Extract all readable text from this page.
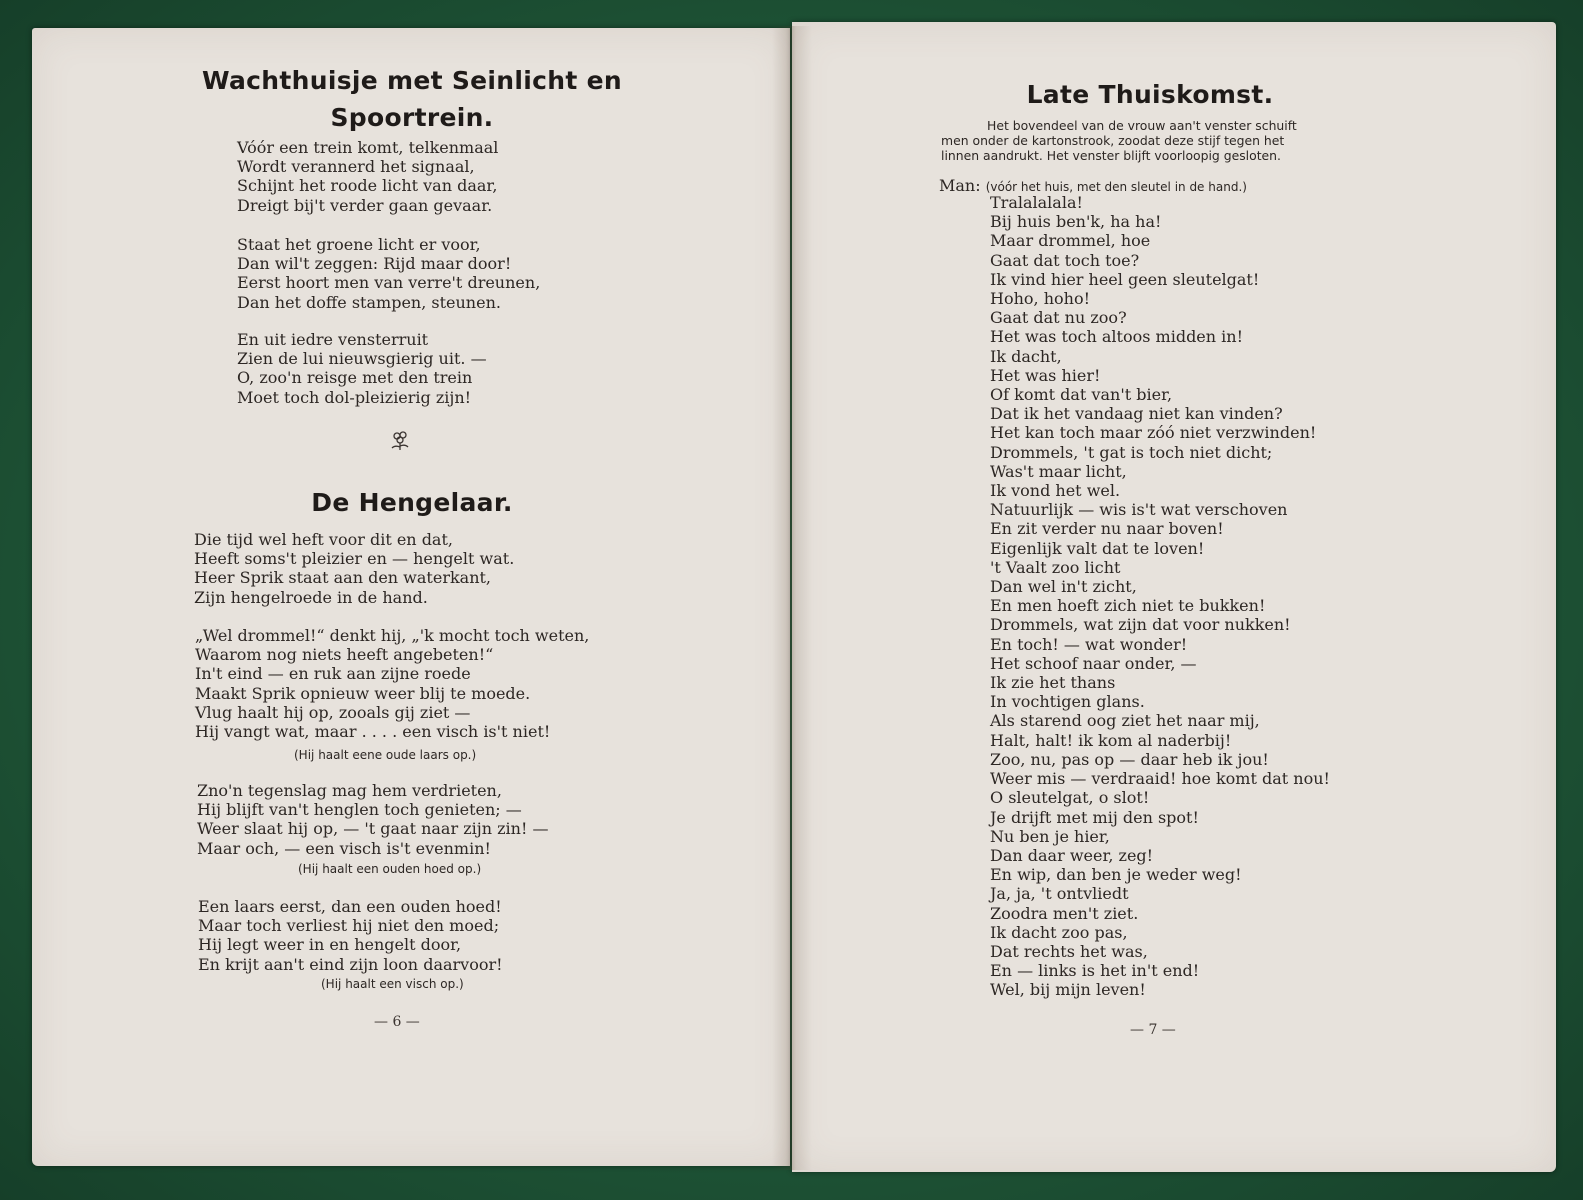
Wachthuisje met Seinlicht en
Spoortrein.
Vóór een trein komt, telkenmaal
Wordt verannerd het signaal,
Schijnt het roode licht van daar,
Dreigt bij't verder gaan gevaar.
Staat het groene licht er voor,
Dan wil't zeggen: Rijd maar door!
Eerst hoort men van verre't dreunen,
Dan het doffe stampen, steunen.
En uit iedre vensterruit
Zien de lui nieuwsgierig uit. —
O, zoo'n reisge met den trein
Moet toch dol-pleizierig zijn!
De Hengelaar.
Die tijd wel heft voor dit en dat,
Heeft soms't pleizier en — hengelt wat.
Heer Sprik staat aan den waterkant,
Zijn hengelroede in de hand.
„Wel drommel!“ denkt hij, „'k mocht toch weten,
Waarom nog niets heeft angebeten!“
In't eind — en ruk aan zijne roede
Maakt Sprik opnieuw weer blij te moede.
Vlug haalt hij op, zooals gij ziet —
Hij vangt wat, maar . . . . een visch is't niet!
(Hij haalt eene oude laars op.)
Zno'n tegenslag mag hem verdrieten,
Hij blijft van't henglen toch genieten; —
Weer slaat hij op, — 't gaat naar zijn zin! —
Maar och, — een visch is't evenmin!
(Hij haalt een ouden hoed op.)
Een laars eerst, dan een ouden hoed!
Maar toch verliest hij niet den moed;
Hij legt weer in en hengelt door,
En krijt aan't eind zijn loon daarvoor!
(Hij haalt een visch op.)
— 6 —
Late Thuiskomst.
Het bovendeel van de vrouw aan't venster schuift
men onder de kartonstrook, zoodat deze stijf tegen het
linnen aandrukt. Het venster blijft voorloopig gesloten.
Man: (vóór het huis, met den sleutel in de hand.)
Tralalalala!
Bij huis ben'k, ha ha!
Maar drommel, hoe
Gaat dat toch toe?
Ik vind hier heel geen sleutelgat!
Hoho, hoho!
Gaat dat nu zoo?
Het was toch altoos midden in!
Ik dacht,
Het was hier!
Of komt dat van't bier,
Dat ik het vandaag niet kan vinden?
Het kan toch maar zóó niet verzwinden!
Drommels, 't gat is toch niet dicht;
Was't maar licht,
Ik vond het wel.
Natuurlijk — wis is't wat verschoven
En zit verder nu naar boven!
Eigenlijk valt dat te loven!
't Vaalt zoo licht
Dan wel in't zicht,
En men hoeft zich niet te bukken!
Drommels, wat zijn dat voor nukken!
En toch! — wat wonder!
Het schoof naar onder, —
Ik zie het thans
In vochtigen glans.
Als starend oog ziet het naar mij,
Halt, halt! ik kom al naderbij!
Zoo, nu, pas op — daar heb ik jou!
Weer mis — verdraaid! hoe komt dat nou!
O sleutelgat, o slot!
Je drijft met mij den spot!
Nu ben je hier,
Dan daar weer, zeg!
En wip, dan ben je weder weg!
Ja, ja, 't ontvliedt
Zoodra men't ziet.
Ik dacht zoo pas,
Dat rechts het was,
En — links is het in't end!
Wel, bij mijn leven!
— 7 —
